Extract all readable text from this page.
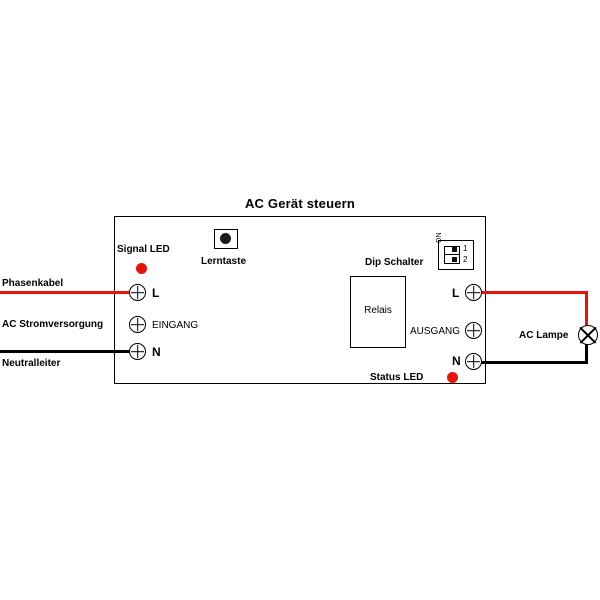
AC Gerät steuern
L
EINGANG
N
L
AUSGANG
N
Signal LED
Lerntaste
Relais
Dip Schalter
ON
1
2
Status LED
Phasenkabel
AC Stromversorgung
Neutralleiter
AC Lampe
